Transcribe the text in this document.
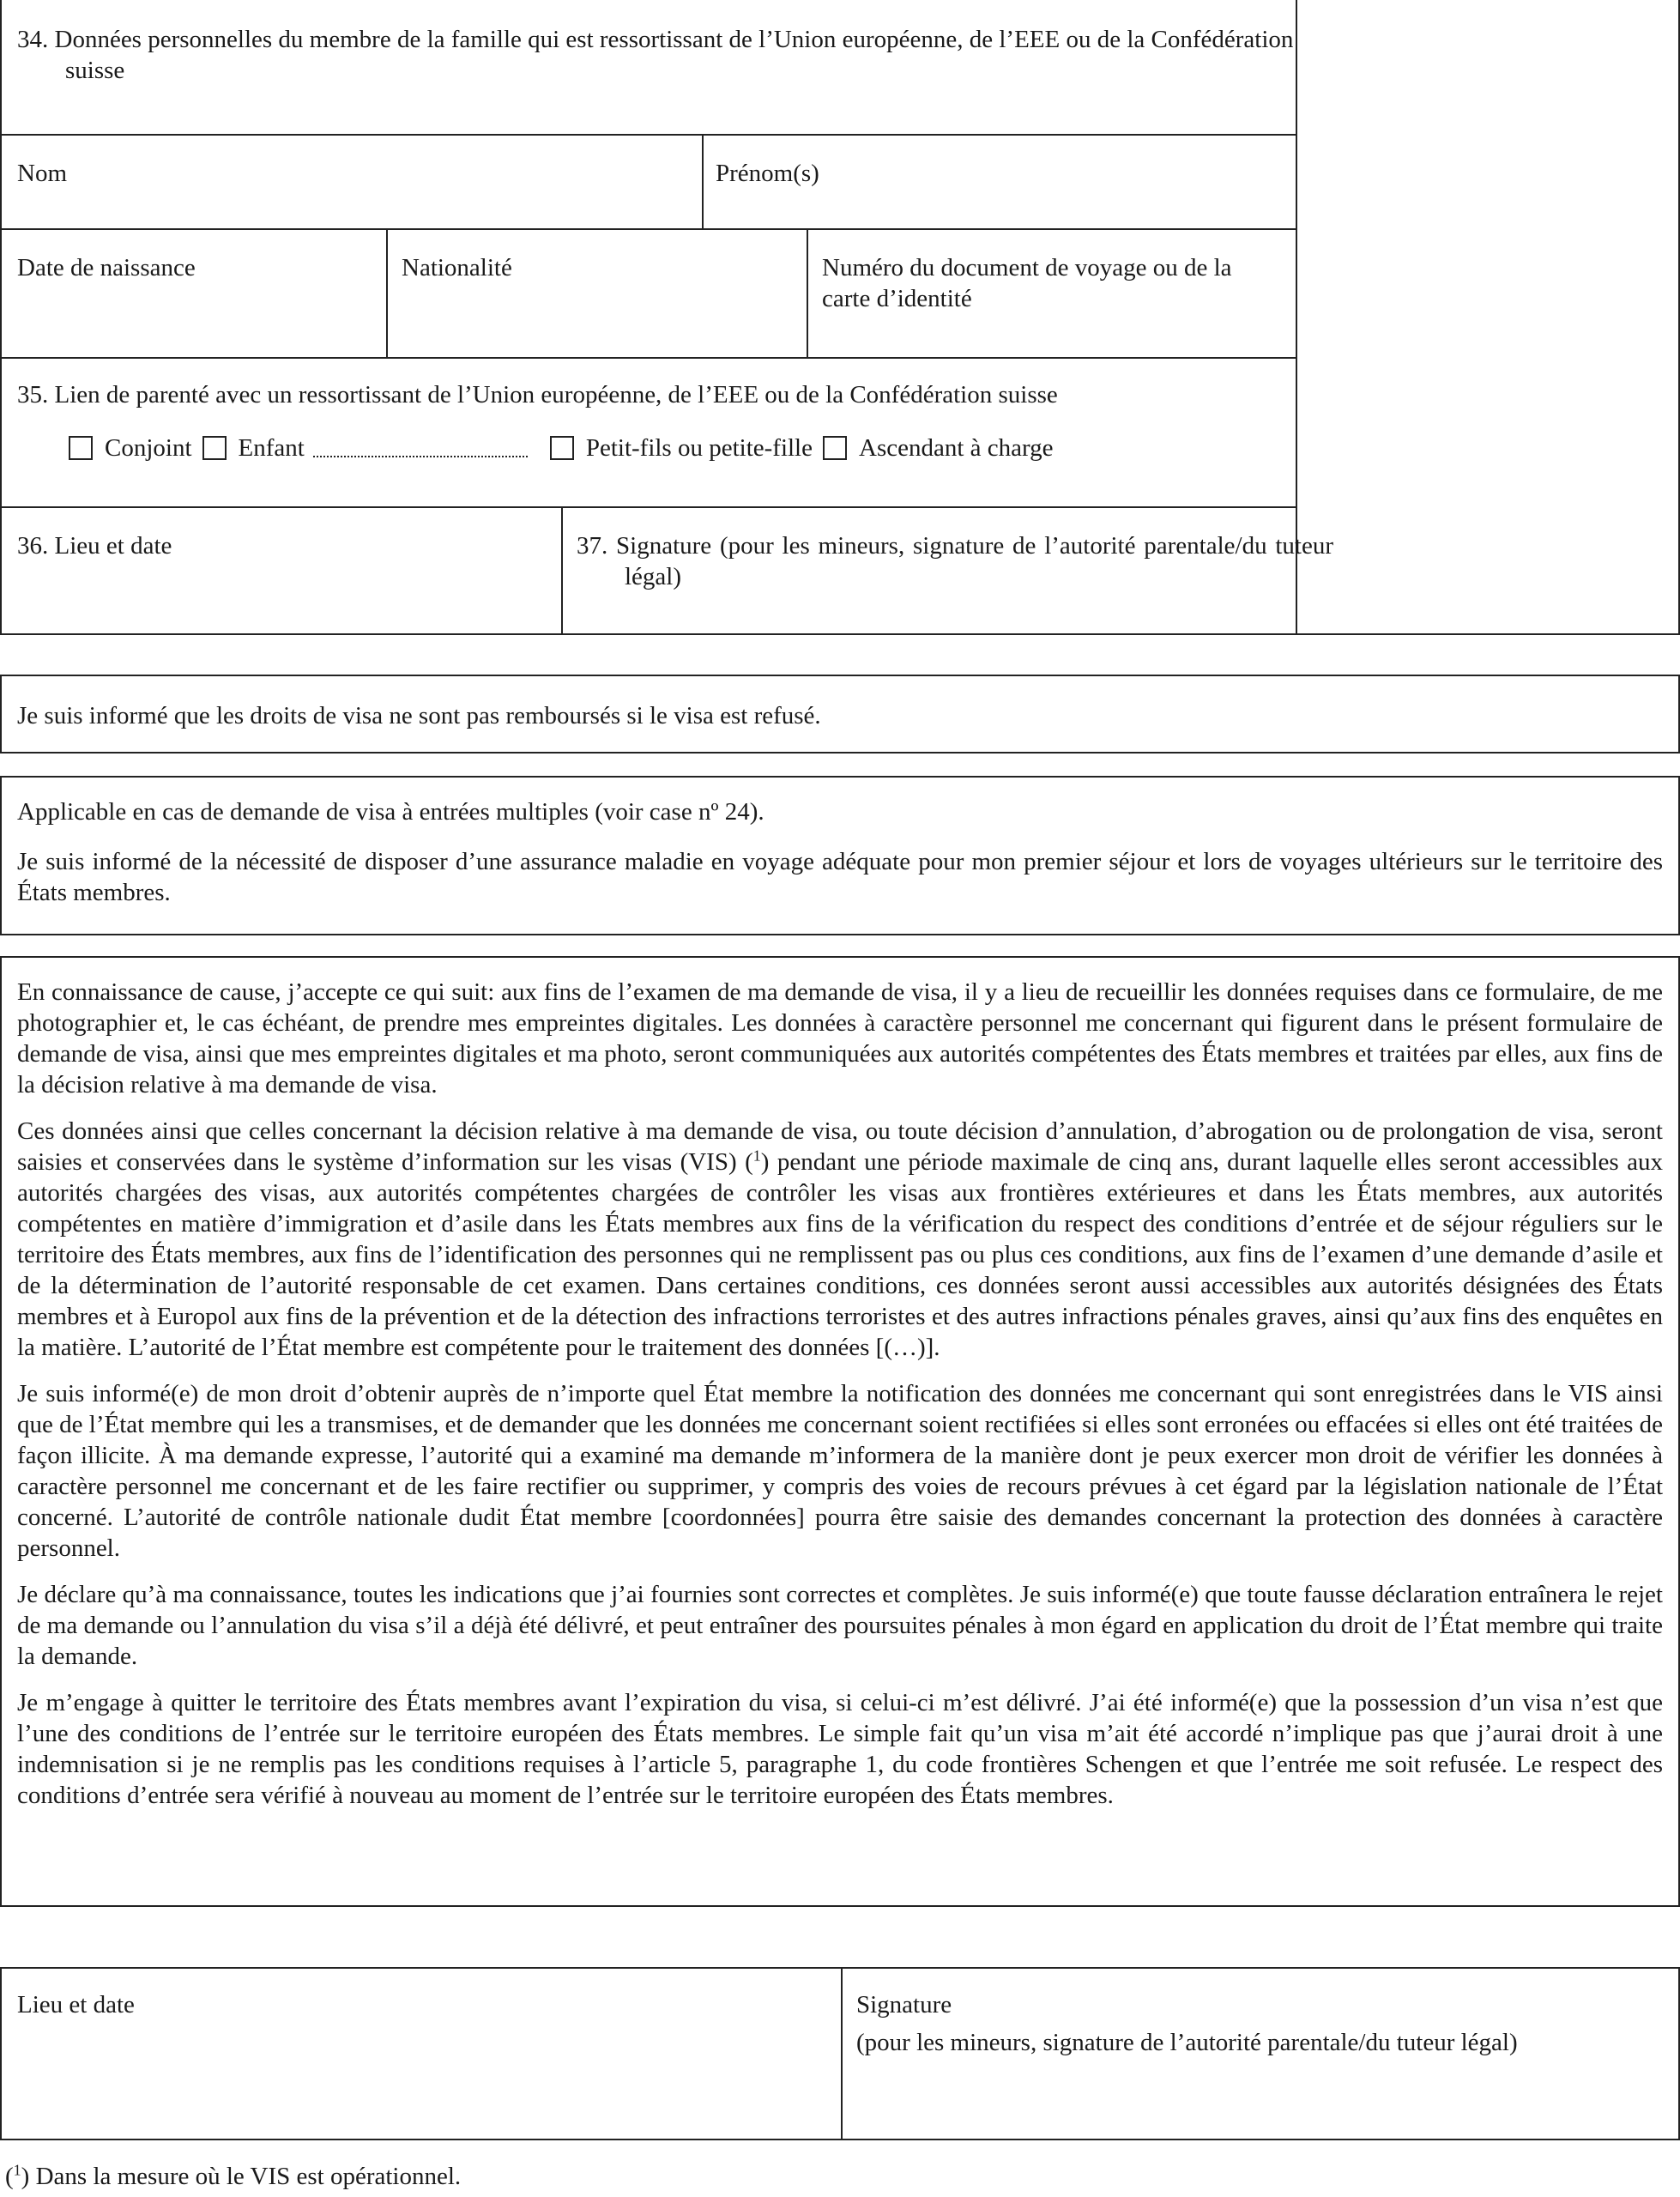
34. Données personnelles du membre de la famille qui est ressortissant de l’Union européenne, de l’EEE ou de la Confédération suisse
Nom	Prénom(s)
Date de naissance	Nationalité	Numéro du document de voyage ou de la carte d’identité
35. Lien de parenté avec un ressortissant de l’Union européenne, de l’EEE ou de la Confédération suisse
Conjoint Enfant	Petit-fils ou petite-fille Ascendant à charge
36. Lieu et date	37. Signature (pour les mineurs, signature de l’autorité parentale/du tuteur légal)
Je suis informé que les droits de visa ne sont pas remboursés si le visa est refusé.
Applicable en cas de demande de visa à entrées multiples (voir case nº 24).
Je suis informé de la nécessité de disposer d’une assurance maladie en voyage adéquate pour mon premier séjour et lors de voyages ultérieurs sur le territoire des États membres.

En connaissance de cause, j’accepte ce qui suit: aux fins de l’examen de ma demande de visa, il y a lieu de recueillir les données requises dans ce formulaire, de me photographier et, le cas échéant, de prendre mes empreintes digitales. Les données à caractère personnel me concernant qui figurent dans le présent formulaire de demande de visa, ainsi que mes empreintes digitales et ma photo, seront communiquées aux autorités compétentes des États membres et traitées par elles, aux fins de la décision relative à ma demande de visa.

Ces données ainsi que celles concernant la décision relative à ma demande de visa, ou toute décision d’annulation, d’abrogation ou de prolongation de visa, seront saisies et conservées dans le système d’information sur les visas (VIS) ($^1$) pendant une période maximale de cinq ans, durant laquelle elles seront accessibles aux autorités chargées des visas, aux autorités compétentes chargées de contrôler les visas aux frontières extérieures et dans les États membres, aux autorités compétentes en matière d’immigration et d’asile dans les États membres aux fins de la vérification du respect des conditions d’entrée et de séjour réguliers sur le territoire des États membres, aux fins de l’identification des personnes qui ne remplissent pas ou plus ces conditions, aux fins de l’examen d’une demande d’asile et de la détermination de l’autorité responsable de cet examen. Dans certaines conditions, ces données seront aussi accessibles aux autorités désignées des États membres et à Europol aux fins de la prévention et de la détection des infractions terroristes et des autres infractions pénales graves, ainsi qu’aux fins des enquêtes en la matière. L’autorité de l’État membre est compétente pour le traitement des données [(…)].

Je suis informé(e) de mon droit d’obtenir auprès de n’importe quel État membre la notification des données me concernant qui sont enregistrées dans le VIS ainsi que de l’État membre qui les a transmises, et de demander que les données me concernant soient rectifiées si elles sont erronées ou effacées si elles ont été traitées de façon illicite. À ma demande expresse, l’autorité qui a examiné ma demande m’informera de la manière dont je peux exercer mon droit de vérifier les données à caractère personnel me concernant et de les faire rectifier ou supprimer, y compris des voies de recours prévues à cet égard par la législation nationale de l’État concerné. L’autorité de contrôle nationale dudit État membre [coordonnées] pourra être saisie des demandes concernant la protection des données à caractère personnel.

Je déclare qu’à ma connaissance, toutes les indications que j’ai fournies sont correctes et complètes. Je suis informé(e) que toute fausse déclaration entraînera le rejet de ma demande ou l’annulation du visa s’il a déjà été délivré, et peut entraîner des poursuites pénales à mon égard en application du droit de l’État membre qui traite la demande.

Je m’engage à quitter le territoire des États membres avant l’expiration du visa, si celui-ci m’est délivré. J’ai été informé(e) que la possession d’un visa n’est que l’une des conditions de l’entrée sur le territoire européen des États membres. Le simple fait qu’un visa m’ait été accordé n’implique pas que j’aurai droit à une indemnisation si je ne remplis pas les conditions requises à l’article 5, paragraphe 1, du code frontières Schengen et que l’entrée me soit refusée. Le respect des conditions d’entrée sera vérifié à nouveau au moment de l’entrée sur le territoire européen des États membres.

Lieu et date	Signature
(pour les mineurs, signature de l’autorité parentale/du tuteur légal)
($^1$) Dans la mesure où le VIS est opérationnel.
